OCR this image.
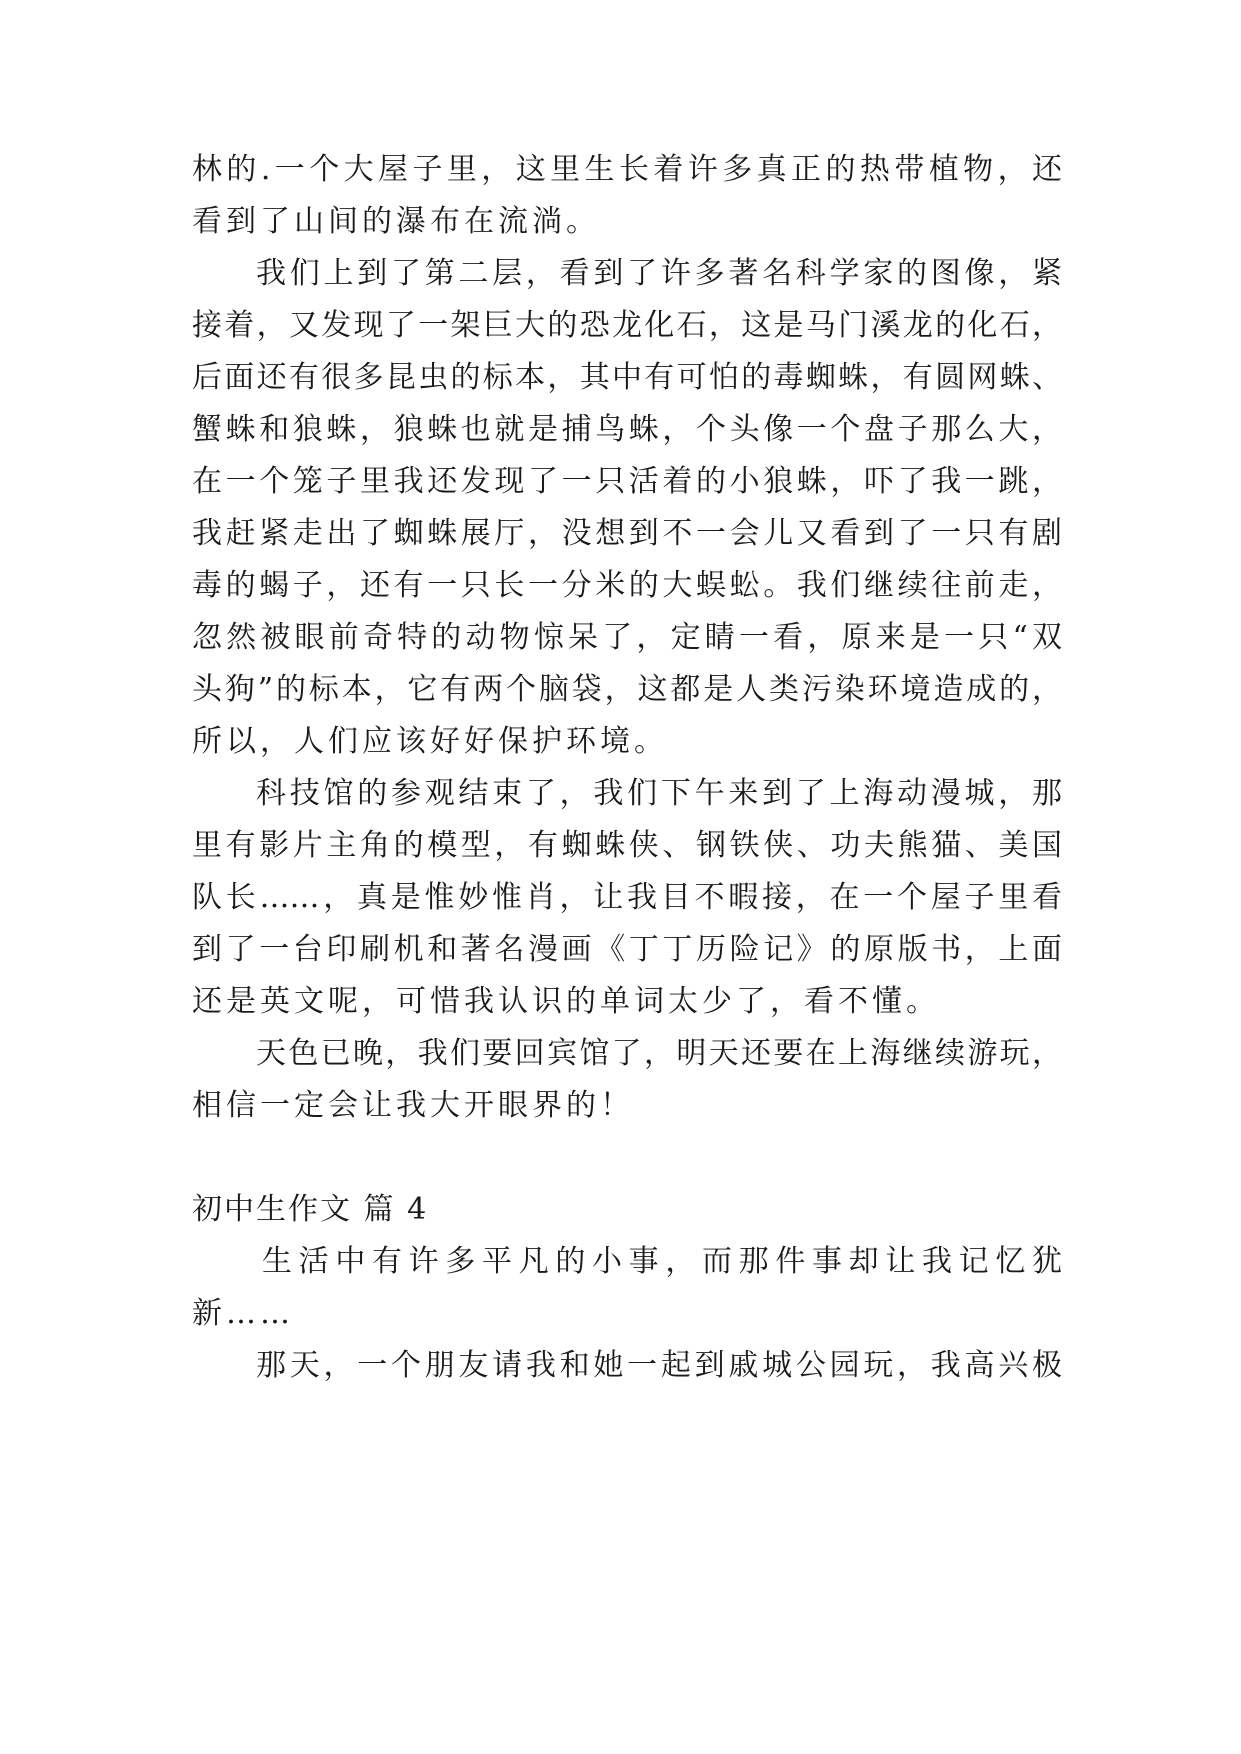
林的.一个大屋子里，这里生长着许多真正的热带植物，还
看到了山间的瀑布在流淌。
我们上到了第二层，看到了许多著名科学家的图像，紧
接着，又发现了一架巨大的恐龙化石，这是马门溪龙的化石，
后面还有很多昆虫的标本，其中有可怕的毒蜘蛛，有圆网蛛、
蟹蛛和狼蛛，狼蛛也就是捕鸟蛛，个头像一个盘子那么大，
在一个笼子里我还发现了一只活着的小狼蛛，吓了我一跳，
我赶紧走出了蜘蛛展厅，没想到不一会儿又看到了一只有剧
毒的蝎子，还有一只长一分米的大蜈蚣。我们继续往前走，
忽然被眼前奇特的动物惊呆了，定睛一看，原来是一只“双
头狗”的标本，它有两个脑袋，这都是人类污染环境造成的，
所以，人们应该好好保护环境。
科技馆的参观结束了，我们下午来到了上海动漫城，那
里有影片主角的模型，有蜘蛛侠、钢铁侠、功夫熊猫、美国
队长……，真是惟妙惟肖，让我目不暇接，在一个屋子里看
到了一台印刷机和著名漫画《丁丁历险记》的原版书，上面
还是英文呢，可惜我认识的单词太少了，看不懂。
天色已晚，我们要回宾馆了，明天还要在上海继续游玩，
相信一定会让我大开眼界的！
初中生作文 篇 4
生活中有许多平凡的小事，而那件事却让我记忆犹
新……
那天，一个朋友请我和她一起到戚城公园玩，我高兴极
